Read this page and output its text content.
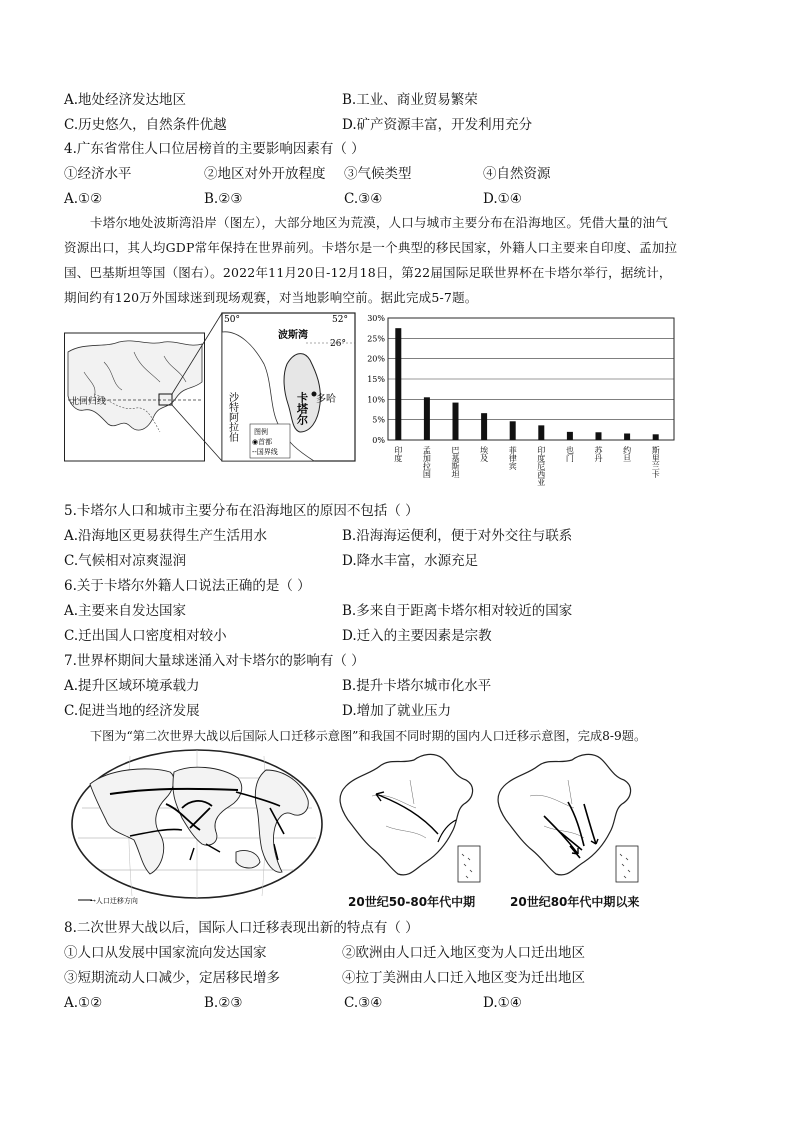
A.地处经济发达地区	B.工业、商业贸易繁荣
C.历史悠久，自然条件优越	D.矿产资源丰富，开发利用充分
4.广东省常住人口位居榜首的主要影响因素有（ ）
①经济水平	②地区对外开放程度 ③气候类型	④自然资源
A.①②	B.②③	C.③④	D.①④
卡塔尔地处波斯湾沿岸（图左），大部分地区为荒漠，人口与城市主要分布在沿海地区。凭借大量的油气
资源出口，其人均GDP常年保持在世界前列。卡塔尔是一个典型的移民国家，外籍人口主要来自印度、孟加拉
国、巴基斯坦等国（图右）。2022年11月20日-12月18日，第22届国际足联世界杯在卡塔尔举行，据统计，
期间约有120万外国球迷到现场观赛，对当地影响空前。据此完成5-7题。
北回归线
50°	52°
26°
波斯湾
卡塔尔 多哈
沙特阿拉伯 图例
◉首都
--国界线
0%
5%
10%
15%
20%
25%
30%
印度 孟加拉国 巴基斯坦 埃及 菲律宾 印度尼西亚 也门 苏丹 约旦 斯里兰卡
5.卡塔尔人口和城市主要分布在沿海地区的原因不包括（ ）
A.沿海地区更易获得生产生活用水	B.沿海海运便利，便于对外交往与联系
C.气候相对凉爽湿润	D.降水丰富，水源充足
6.关于卡塔尔外籍人口说法正确的是（ ）
A.主要来自发达国家	B.多来自于距离卡塔尔相对较近的国家
C.迁出国人口密度相对较小	D.迁入的主要因素是宗教
7.世界杯期间大量球迷涌入对卡塔尔的影响有（ ）
A.提升区域环境承载力	B.提升卡塔尔城市化水平
C.促进当地的经济发展	D.增加了就业压力
下图为“第二次世界大战以后国际人口迁移示意图”和我国不同时期的国内人口迁移示意图，完成8-9题。
→人口迁移方向	20世纪50-80年代中期	20世纪80年代中期以来
8.二次世界大战以后，国际人口迁移表现出新的特点有（ ）
①人口从发展中国家流向发达国家	②欧洲由人口迁入地区变为人口迁出地区
③短期流动人口减少，定居移民增多	④拉丁美洲由人口迁入地区变为迁出地区
A.①②	B.②③	C.③④	D.①④
